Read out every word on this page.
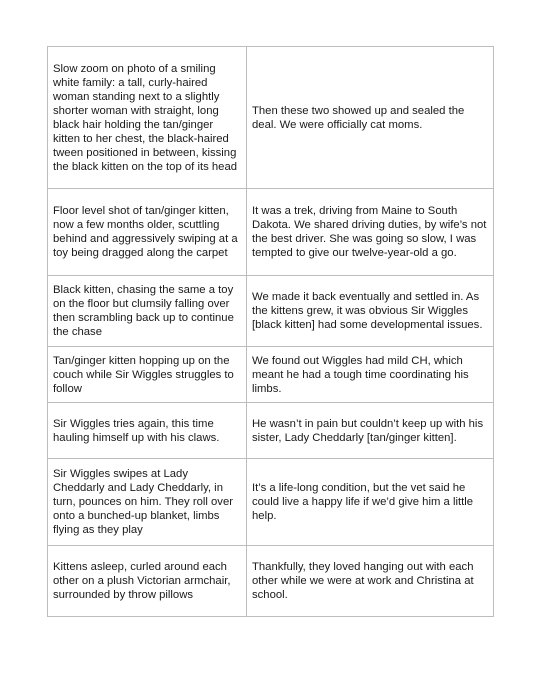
Slow zoom on photo of a smiling white family: a tall, curly-haired woman standing next to a slightly shorter woman with straight, long black hair holding the tan/ginger kitten to her chest, the black-haired tween positioned in between, kissing the black kitten on the top of its head	Then these two showed up and sealed the deal. We were officially cat moms.
Floor level shot of tan/ginger kitten, now a few months older, scuttling behind and aggressively swiping at a toy being dragged along the carpet	It was a trek, driving from Maine to South Dakota. We shared driving duties, by wife’s not the best driver. She was going so slow, I was tempted to give our twelve-year-old a go.
Black kitten, chasing the same a toy on the floor but clumsily falling over then scrambling back up to continue the chase	We made it back eventually and settled in. As the kittens grew, it was obvious Sir Wiggles [black kitten] had some developmental issues.
Tan/ginger kitten hopping up on the couch while Sir Wiggles struggles to follow	We found out Wiggles had mild CH, which meant he had a tough time coordinating his limbs.
Sir Wiggles tries again, this time hauling himself up with his claws.	He wasn’t in pain but couldn’t keep up with his sister, Lady Cheddarly [tan/ginger kitten].
Sir Wiggles swipes at Lady Cheddarly and Lady Cheddarly, in turn, pounces on him. They roll over onto a bunched-up blanket, limbs flying as they play	It’s a life-long condition, but the vet said he could live a happy life if we’d give him a little help.
Kittens asleep, curled around each other on a plush Victorian armchair, surrounded by throw pillows	Thankfully, they loved hanging out with each other while we were at work and Christina at school.
